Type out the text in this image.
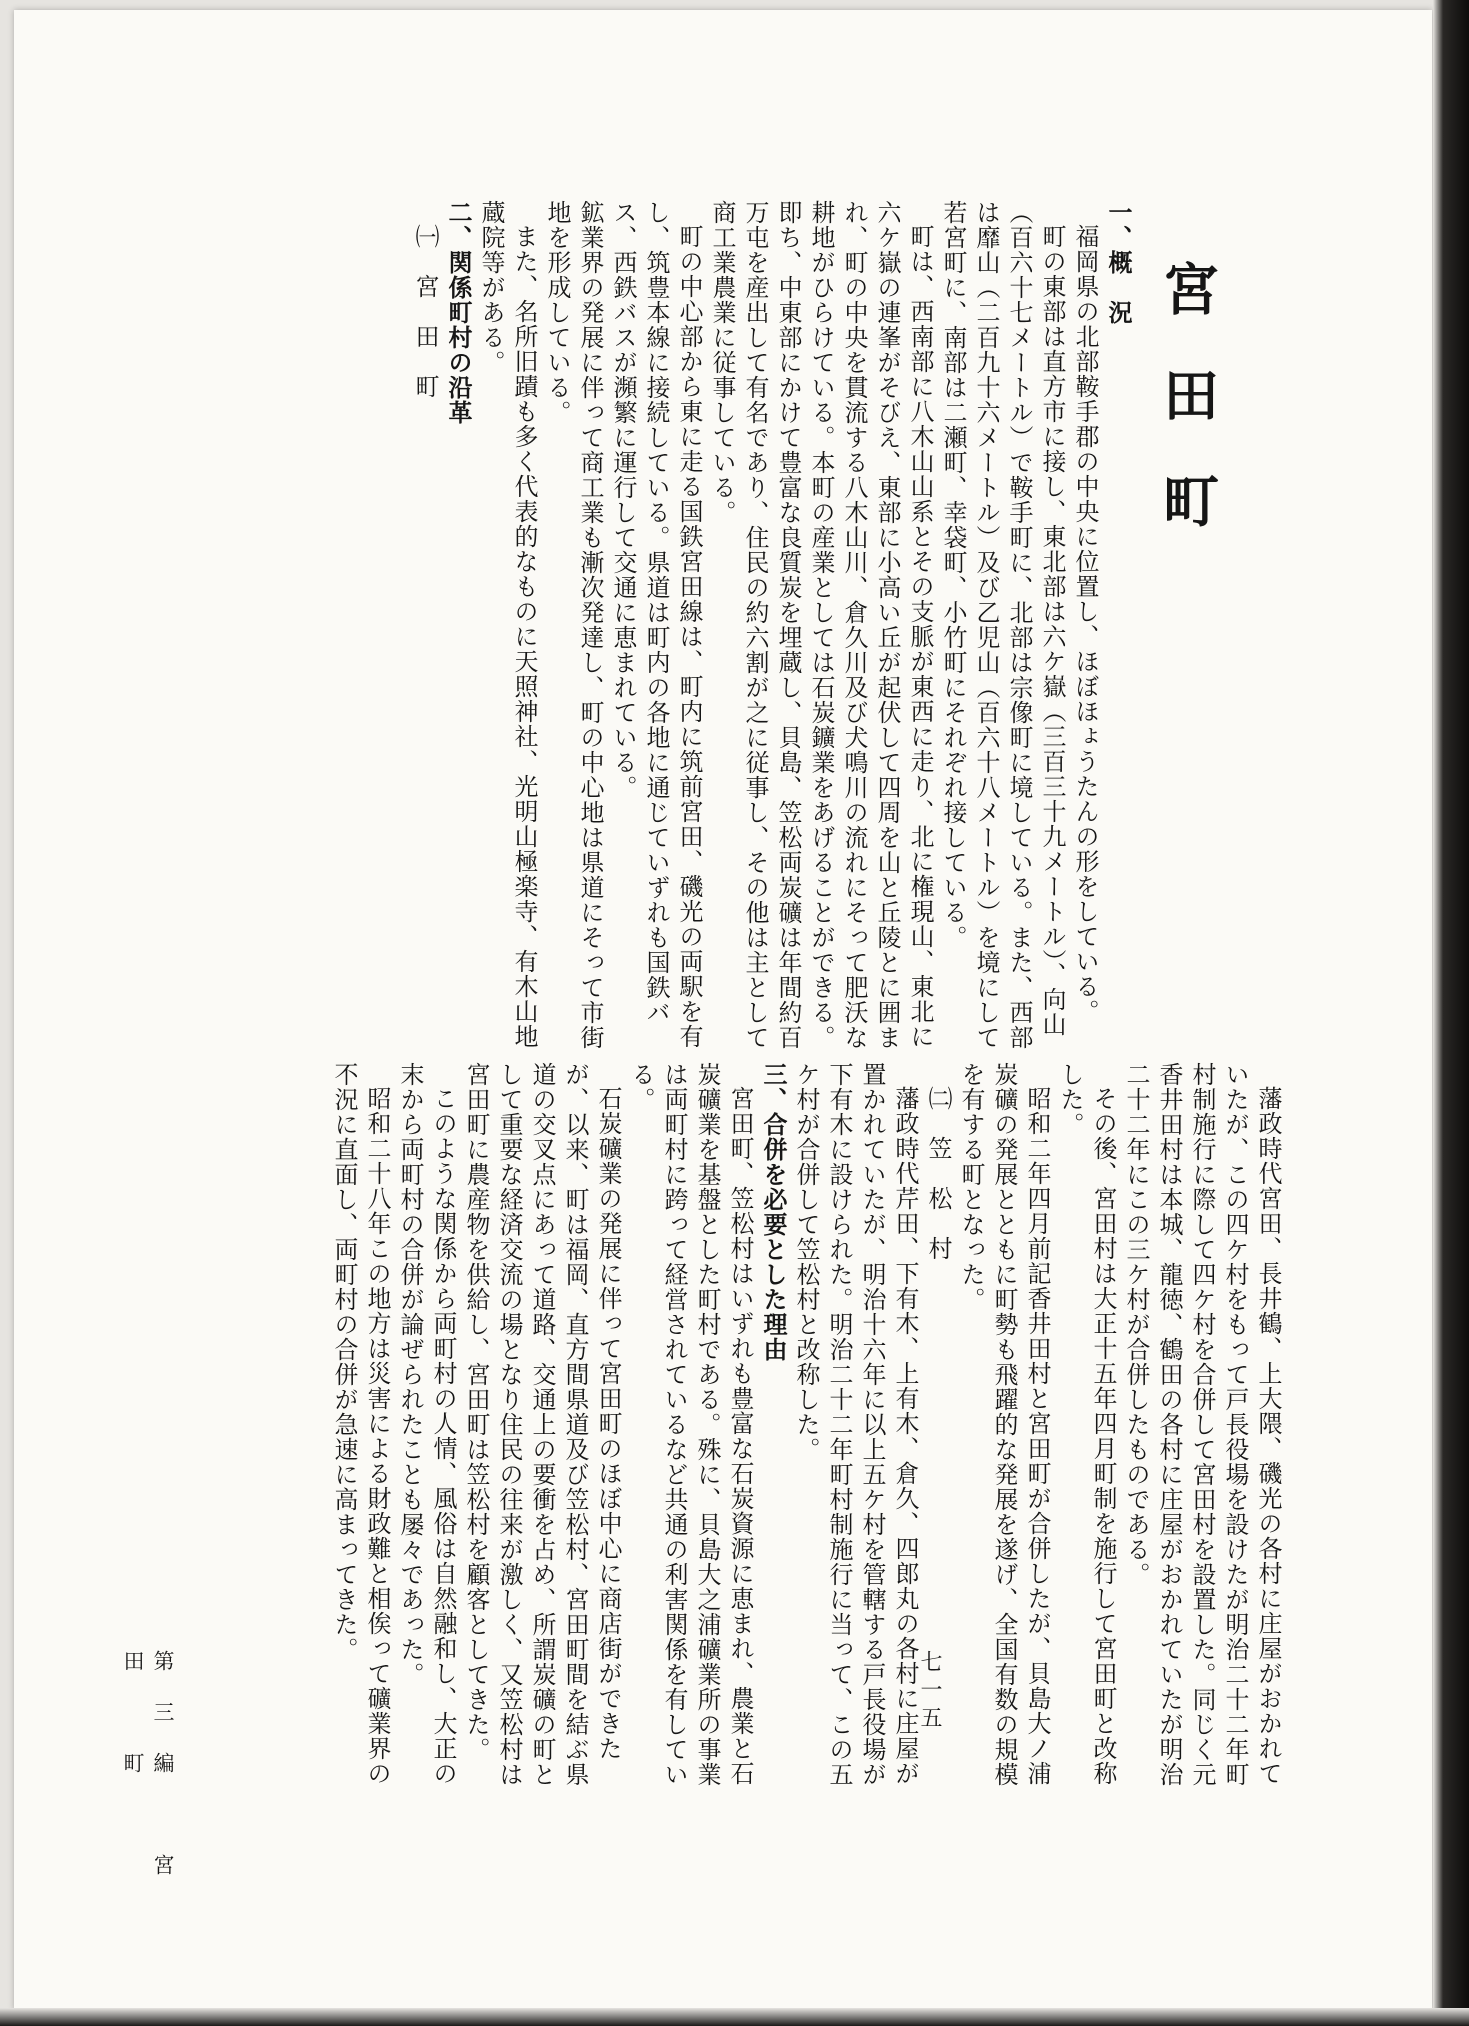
宮田町

一、概　況

福岡県の北部鞍手郡の中央に位置し、ほぼほょうたんの形をしている。

町の東部は直方市に接し、東北部は六ケ嶽（三百三十九メートル）、向山（百六十七メートル）で鞍手町に、北部は宗像町に境している。また、西部は靡山（二百九十六メートル）及び乙児山（百六十八メートル）を境にして若宮町に、南部は二瀬町、幸袋町、小竹町にそれぞれ接している。

町は、西南部に八木山山系とその支脈が東西に走り、北に権現山、東北に六ケ嶽の連峯がそびえ、東部に小高い丘が起伏して四周を山と丘陵とに囲まれ、町の中央を貫流する八木山川、倉久川及び犬鳴川の流れにそって肥沃な耕地がひらけている。本町の産業としては石炭鑛業をあげることができる。即ち、中東部にかけて豊富な良質炭を埋蔵し、貝島、笠松両炭礦は年間約百万屯を産出して有名であり、住民の約六割が之に従事し、その他は主として商工業農業に従事している。

町の中心部から東に走る国鉄宮田線は、町内に筑前宮田、磯光の両駅を有し、筑豊本線に接続している。県道は町内の各地に通じていずれも国鉄バス、西鉄バスが瀕繁に運行して交通に恵まれている。

鉱業界の発展に伴って商工業も漸次発達し、町の中心地は県道にそって市街地を形成している。

また、名所旧蹟も多く代表的なものに天照神社、光明山極楽寺、有木山地蔵院等がある。

二、関係町村の沿革

㈠　宮　田　町

藩政時代宮田、長井鶴、上大隈、磯光の各村に庄屋がおかれていたが、この四ケ村をもって戸長役場を設けたが明治二十二年町村制施行に際して四ケ村を合併して宮田村を設置した。同じく元香井田村は本城、龍徳、鶴田の各村に庄屋がおかれていたが明治二十二年にこの三ケ村が合併したものである。

その後、宮田村は大正十五年四月町制を施行して宮田町と改称した。

昭和二年四月前記香井田村と宮田町が合併したが、貝島大ノ浦炭礦の発展とともに町勢も飛躍的な発展を遂げ、全国有数の規模を有する町となった。

㈡　笠　松　村

藩政時代芹田、下有木、上有木、倉久、四郎丸の各村に庄屋が置かれていたが、明治十六年に以上五ケ村を管轄する戸長役場が下有木に設けられた。明治二十二年町村制施行に当って、この五ケ村が合併して笠松村と改称した。

三、合併を必要とした理由

宮田町、笠松村はいずれも豊富な石炭資源に恵まれ、農業と石炭礦業を基盤とした町村である。殊に、貝島大之浦礦業所の事業は両町村に跨って経営されているなど共通の利害関係を有している。

石炭礦業の発展に伴って宮田町のほぼ中心に商店街ができたが、以来、町は福岡、直方間県道及び笠松村、宮田町間を結ぶ県道の交叉点にあって道路、交通上の要衝を占め、所謂炭礦の町として重要な経済交流の場となり住民の往来が激しく、又笠松村は宮田町に農産物を供給し、宮田町は笠松村を顧客としてきた。

このような関係から両町村の人情、風俗は自然融和し、大正の末から両町村の合併が論ぜられたことも屡々であった。

昭和二十八年この地方は災害による財政難と相俟って礦業界の不況に直面し、両町村の合併が急速に高まってきた。

第三編　宮　田　町	七一五
